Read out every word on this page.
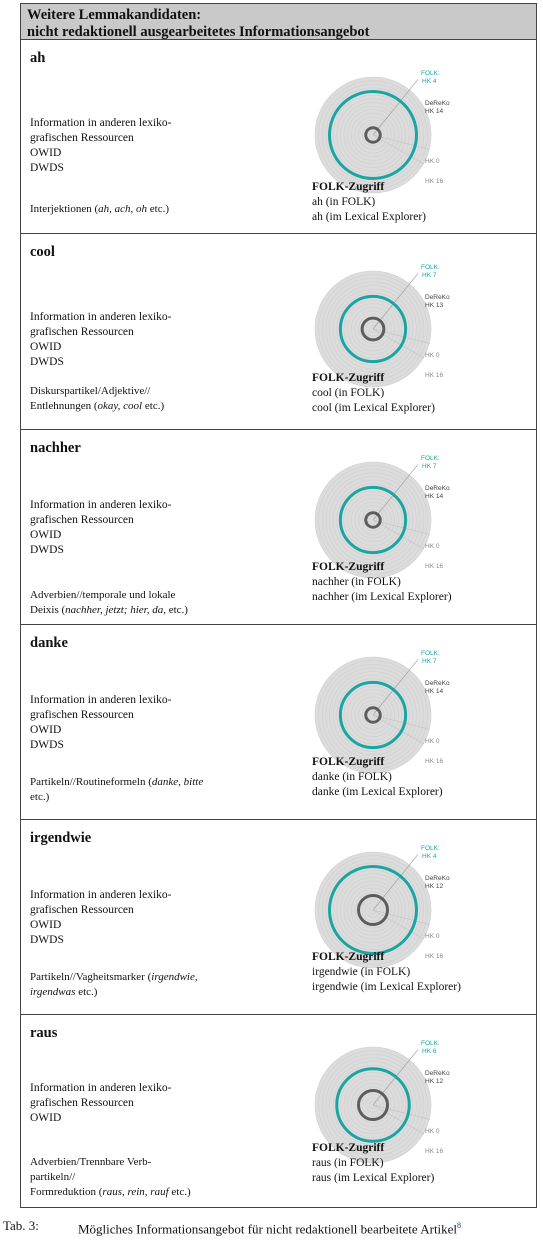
Weitere Lemmakandidaten:
nicht redaktionell ausgearbeitetes Informationsangebot
ah
Information in anderen lexiko-
grafischen Ressourcen
OWID
DWDS
Interjektionen (ah, ach, oh etc.)
FOLK:
HK 4
DeReKo
HK 14
HK 0
HK 16
FOLK-Zugriff
ah (in FOLK)
ah (im Lexical Explorer)
cool
Information in anderen lexiko-
grafischen Ressourcen
OWID
DWDS
Diskurspartikel/Adjektive//
Entlehnungen (okay, cool etc.)
FOLK:
HK 7
DeReKo
HK 13
HK 0
HK 16
FOLK-Zugriff
cool (in FOLK)
cool (im Lexical Explorer)
nachher
Information in anderen lexiko-
grafischen Ressourcen
OWID
DWDS
Adverbien//temporale und lokale
Deixis (nachher, jetzt; hier, da, etc.)
FOLK:
HK 7
DeReKo
HK 14
HK 0
HK 16
FOLK-Zugriff
nachher (in FOLK)
nachher (im Lexical Explorer)
danke
Information in anderen lexiko-
grafischen Ressourcen
OWID
DWDS
Partikeln//Routineformeln (danke, bitte
etc.)
FOLK:
HK 7
DeReKo
HK 14
HK 0
HK 16
FOLK-Zugriff
danke (in FOLK)
danke (im Lexical Explorer)
irgendwie
Information in anderen lexiko-
grafischen Ressourcen
OWID
DWDS
Partikeln//Vagheitsmarker (irgendwie,
irgendwas etc.)
FOLK:
HK 4
DeReKo
HK 12
HK 0
HK 16
FOLK-Zugriff
irgendwie (in FOLK)
irgendwie (im Lexical Explorer)
raus
Information in anderen lexiko-
grafischen Ressourcen
OWID
Adverbien/Trennbare Verb-
partikeln//
Formreduktion (raus, rein, rauf etc.)
FOLK:
HK 6
DeReKo
HK 12
HK 0
HK 16
FOLK-Zugriff
raus (in FOLK)
raus (im Lexical Explorer)
Tab. 3:	Mögliches Informationsangebot für nicht redaktionell bearbeitete Artikel$^8$
